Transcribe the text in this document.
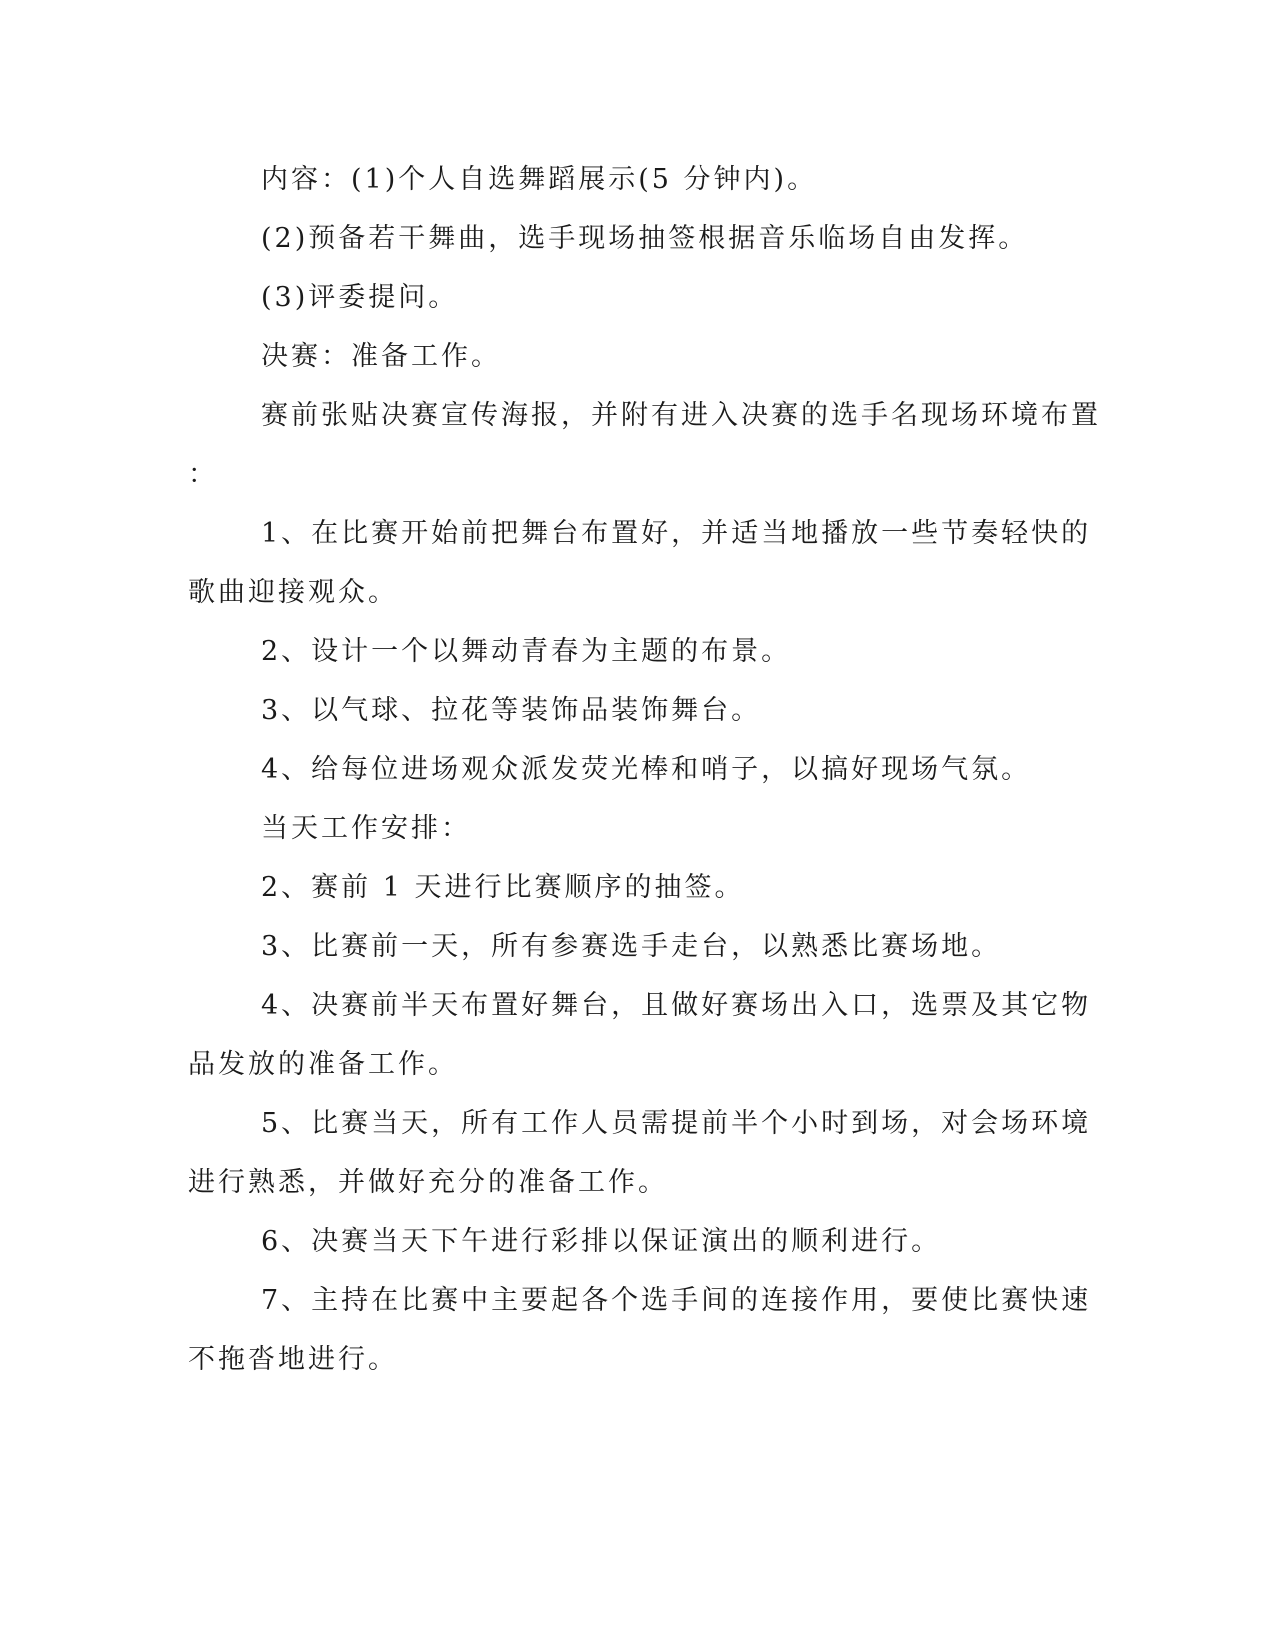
内容：(1)个人自选舞蹈展示(5 分钟内)。
(2)预备若干舞曲，选手现场抽签根据音乐临场自由发挥。
(3)评委提问。
决赛：准备工作。
赛前张贴决赛宣传海报，并附有进入决赛的选手名现场环境布置
：
1、在比赛开始前把舞台布置好，并适当地播放一些节奏轻快的
歌曲迎接观众。
2、设计一个以舞动青春为主题的布景。
3、以气球、拉花等装饰品装饰舞台。
4、给每位进场观众派发荧光棒和哨子，以搞好现场气氛。
当天工作安排：
2、赛前 1 天进行比赛顺序的抽签。
3、比赛前一天，所有参赛选手走台，以熟悉比赛场地。
4、决赛前半天布置好舞台，且做好赛场出入口，选票及其它物
品发放的准备工作。
5、比赛当天，所有工作人员需提前半个小时到场，对会场环境
进行熟悉，并做好充分的准备工作。
6、决赛当天下午进行彩排以保证演出的顺利进行。
7、主持在比赛中主要起各个选手间的连接作用，要使比赛快速
不拖沓地进行。
